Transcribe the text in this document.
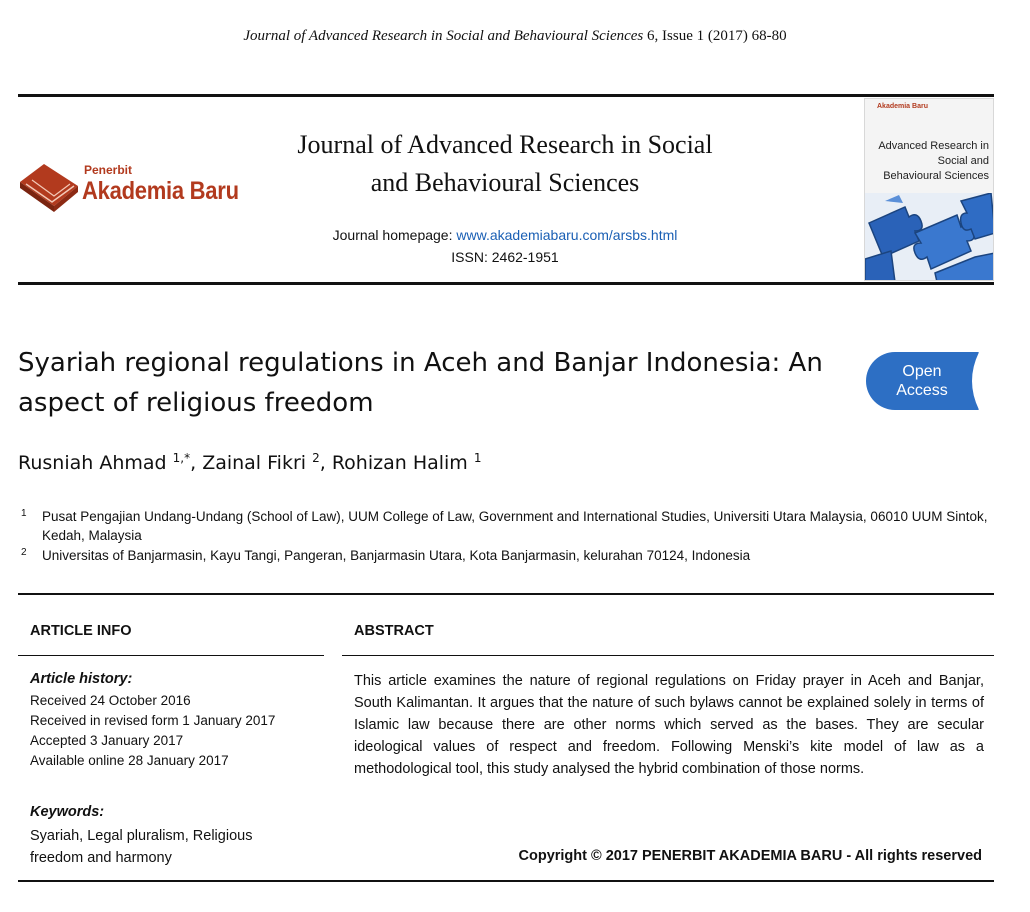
Journal of Advanced Research in Social and Behavioural Sciences 6, Issue 1 (2017) 68-80
Penerbit
Akademia Baru
Journal of Advanced Research in Social
and Behavioural Sciences
Journal homepage: www.akademiabaru.com/arsbs.html
ISSN: 2462-1951
Akademia Baru
Advanced Research in
Social and
Behavioural Sciences
Syariah regional regulations in Aceh and Banjar Indonesia: An
aspect of religious freedom
Open
Access
Rusniah Ahmad $^{1,*}$, Zainal Fikri $^2$, Rohizan Halim $^1$
1 Pusat Pengajian Undang-Undang (School of Law), UUM College of Law, Government and International Studies, Universiti Utara Malaysia, 06010 UUM Sintok, Kedah, Malaysia
2 Universitas of Banjarmasin, Kayu Tangi, Pangeran, Banjarmasin Utara, Kota Banjarmasin, kelurahan 70124, Indonesia
ARTICLE INFO	ABSTRACT
Article history:
Received 24 October 2016
Received in revised form 1 January 2017
Accepted 3 January 2017
Available online 28 January 2017
Keywords:
Syariah, Legal pluralism, Religious freedom and harmony
This article examines the nature of regional regulations on Friday prayer in Aceh and Banjar, South Kalimantan. It argues that the nature of such bylaws cannot be explained solely in terms of Islamic law because there are other norms which served as the bases. They are secular ideological values of respect and freedom. Following Menski’s kite model of law as a methodological tool, this study analysed the hybrid combination of those norms.
Copyright © 2017 PENERBIT AKADEMIA BARU - All rights reserved
